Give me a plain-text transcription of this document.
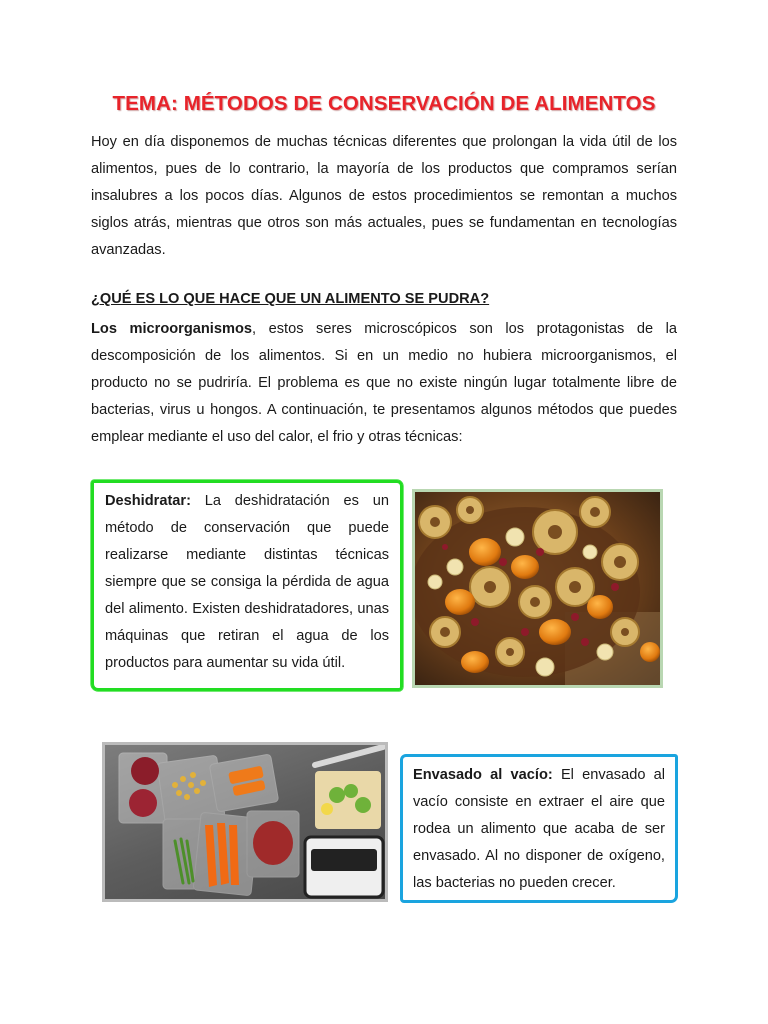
TEMA: MÉTODOS DE CONSERVACIÓN DE ALIMENTOS

Hoy en día disponemos de muchas técnicas diferentes que prolongan la vida útil de los alimentos, pues de lo contrario, la mayoría de los productos que compramos serían insalubres a los pocos días. Algunos de estos procedimientos se remontan a muchos siglos atrás, mientras que otros son más actuales, pues se fundamentan en tecnologías avanzadas.

¿QUÉ ES LO QUE HACE QUE UN ALIMENTO SE PUDRA?

Los microorganismos, estos seres microscópicos son los protagonistas de la descomposición de los alimentos. Si en un medio no hubiera microorganismos, el producto no se pudriría. El problema es que no existe ningún lugar totalmente libre de bacterias, virus u hongos. A continuación, te presentamos algunos métodos que puedes emplear mediante el uso del calor, el frio y otras técnicas:

Deshidratar: La deshidratación es un método de conservación que puede realizarse mediante distintas técnicas siempre que se consiga la pérdida de agua del alimento. Existen deshidratadores, unas máquinas que retiran el agua de los productos para aumentar su vida útil.
Envasado al vacío: El envasado al vacío consiste en extraer el aire que rodea un alimento que acaba de ser envasado. Al no disponer de oxígeno, las bacterias no pueden crecer.
